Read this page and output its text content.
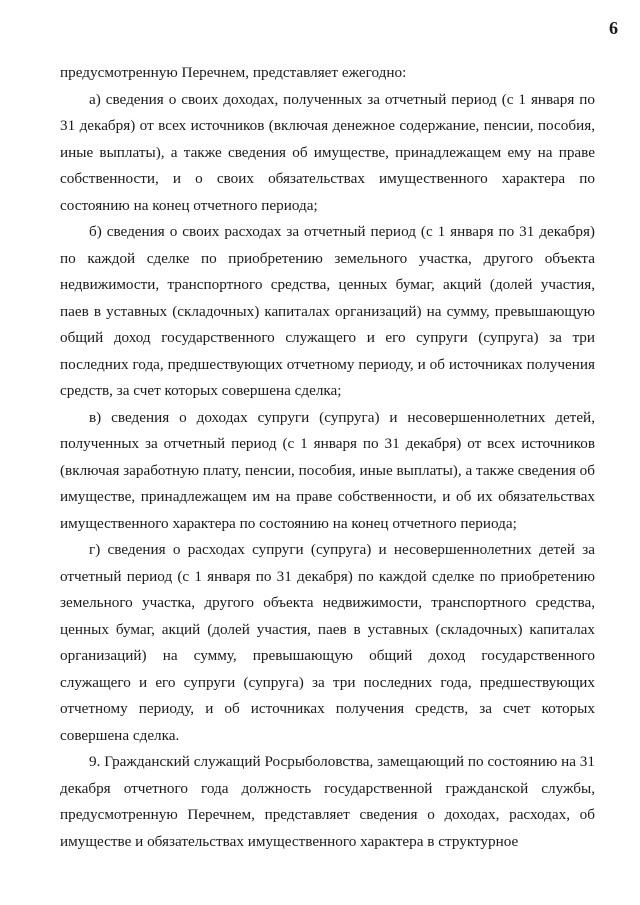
6

предусмотренную Перечнем, представляет ежегодно:

а) сведения о своих доходах, полученных за отчетный период (с 1 января по 31 декабря) от всех источников (включая денежное содержание, пенсии, пособия, иные выплаты), а также сведения об имуществе, принадлежащем ему на праве собственности, и о своих обязательствах имущественного характера по состоянию на конец отчетного периода;

б) сведения о своих расходах за отчетный период (с 1 января по 31 декабря) по каждой сделке по приобретению земельного участка, другого объекта недвижимости, транспортного средства, ценных бумаг, акций (долей участия, паев в уставных (складочных) капиталах организаций) на сумму, превышающую общий доход государственного служащего и его супруги (супруга) за три последних года, предшествующих отчетному периоду, и об источниках получения средств, за счет которых совершена сделка;

в) сведения о доходах супруги (супруга) и несовершеннолетних детей, полученных за отчетный период (с 1 января по 31 декабря) от всех источников (включая заработную плату, пенсии, пособия, иные выплаты), а также сведения об имуществе, принадлежащем им на праве собственности, и об их обязательствах имущественного характера по состоянию на конец отчетного периода;

г) сведения о расходах супруги (супруга) и несовершеннолетних детей за отчетный период (с 1 января по 31 декабря) по каждой сделке по приобретению земельного участка, другого объекта недвижимости, транспортного средства, ценных бумаг, акций (долей участия, паев в уставных (складочных) капиталах организаций) на сумму, превышающую общий доход государственного служащего и его супруги (супруга) за три последних года, предшествующих отчетному периоду, и об источниках получения средств, за счет которых совершена сделка.

9. Гражданский служащий Росрыболовства, замещающий по состоянию на 31 декабря отчетного года должность государственной гражданской службы, предусмотренную Перечнем, представляет сведения о доходах, расходах, об имуществе и обязательствах имущественного характера в структурное
